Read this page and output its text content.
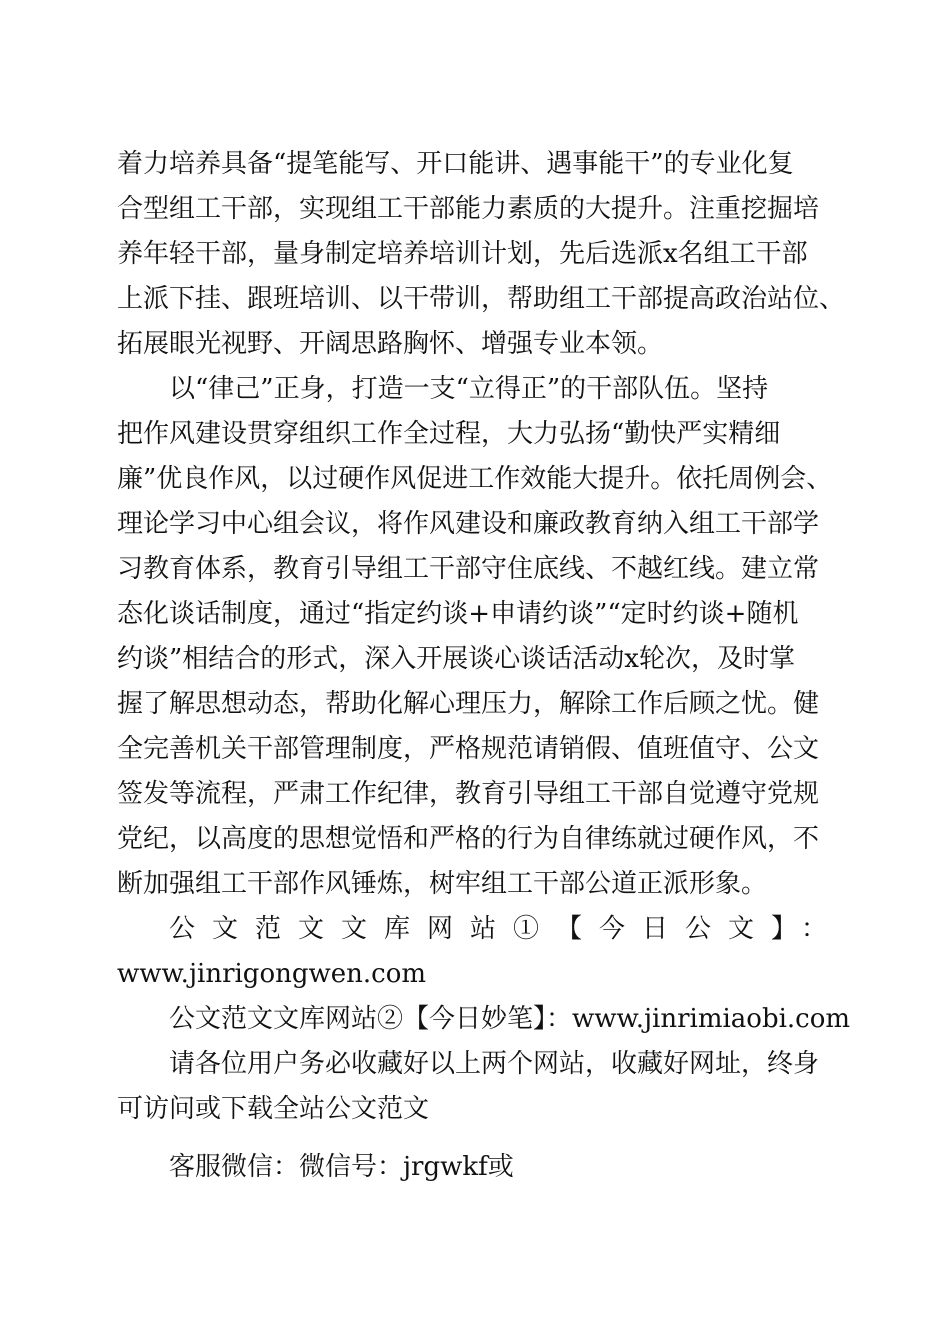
着力培养具备“提笔能写、开口能讲、遇事能干”的专业化复

合型组工干部，实现组工干部能力素质的大提升。注重挖掘培

养年轻干部，量身制定培养培训计划，先后选派x名组工干部

上派下挂、跟班培训、以干带训，帮助组工干部提高政治站位、

拓展眼光视野、开阔思路胸怀、增强专业本领。

以“律己”正身，打造一支“立得正”的干部队伍。坚持

把作风建设贯穿组织工作全过程，大力弘扬“勤快严实精细

廉”优良作风，以过硬作风促进工作效能大提升。依托周例会、

理论学习中心组会议，将作风建设和廉政教育纳入组工干部学

习教育体系，教育引导组工干部守住底线、不越红线。建立常

态化谈话制度，通过“指定约谈+申请约谈”“定时约谈+随机

约谈”相结合的形式，深入开展谈心谈话活动x轮次，及时掌

握了解思想动态，帮助化解心理压力，解除工作后顾之忧。健

全完善机关干部管理制度，严格规范请销假、值班值守、公文

签发等流程，严肃工作纪律，教育引导组工干部自觉遵守党规

党纪，以高度的思想觉悟和严格的行为自律练就过硬作风，不

断加强组工干部作风锤炼，树牢组工干部公道正派形象。

公文范文文库网站①【今日公文】：

www.jinrigongwen.com

公文范文文库网站②【今日妙笔】：www.jinrimiaobi.com

请各位用户务必收藏好以上两个网站，收藏好网址，终身

可访问或下载全站公文范文

客服微信：微信号：jrgwkf或
